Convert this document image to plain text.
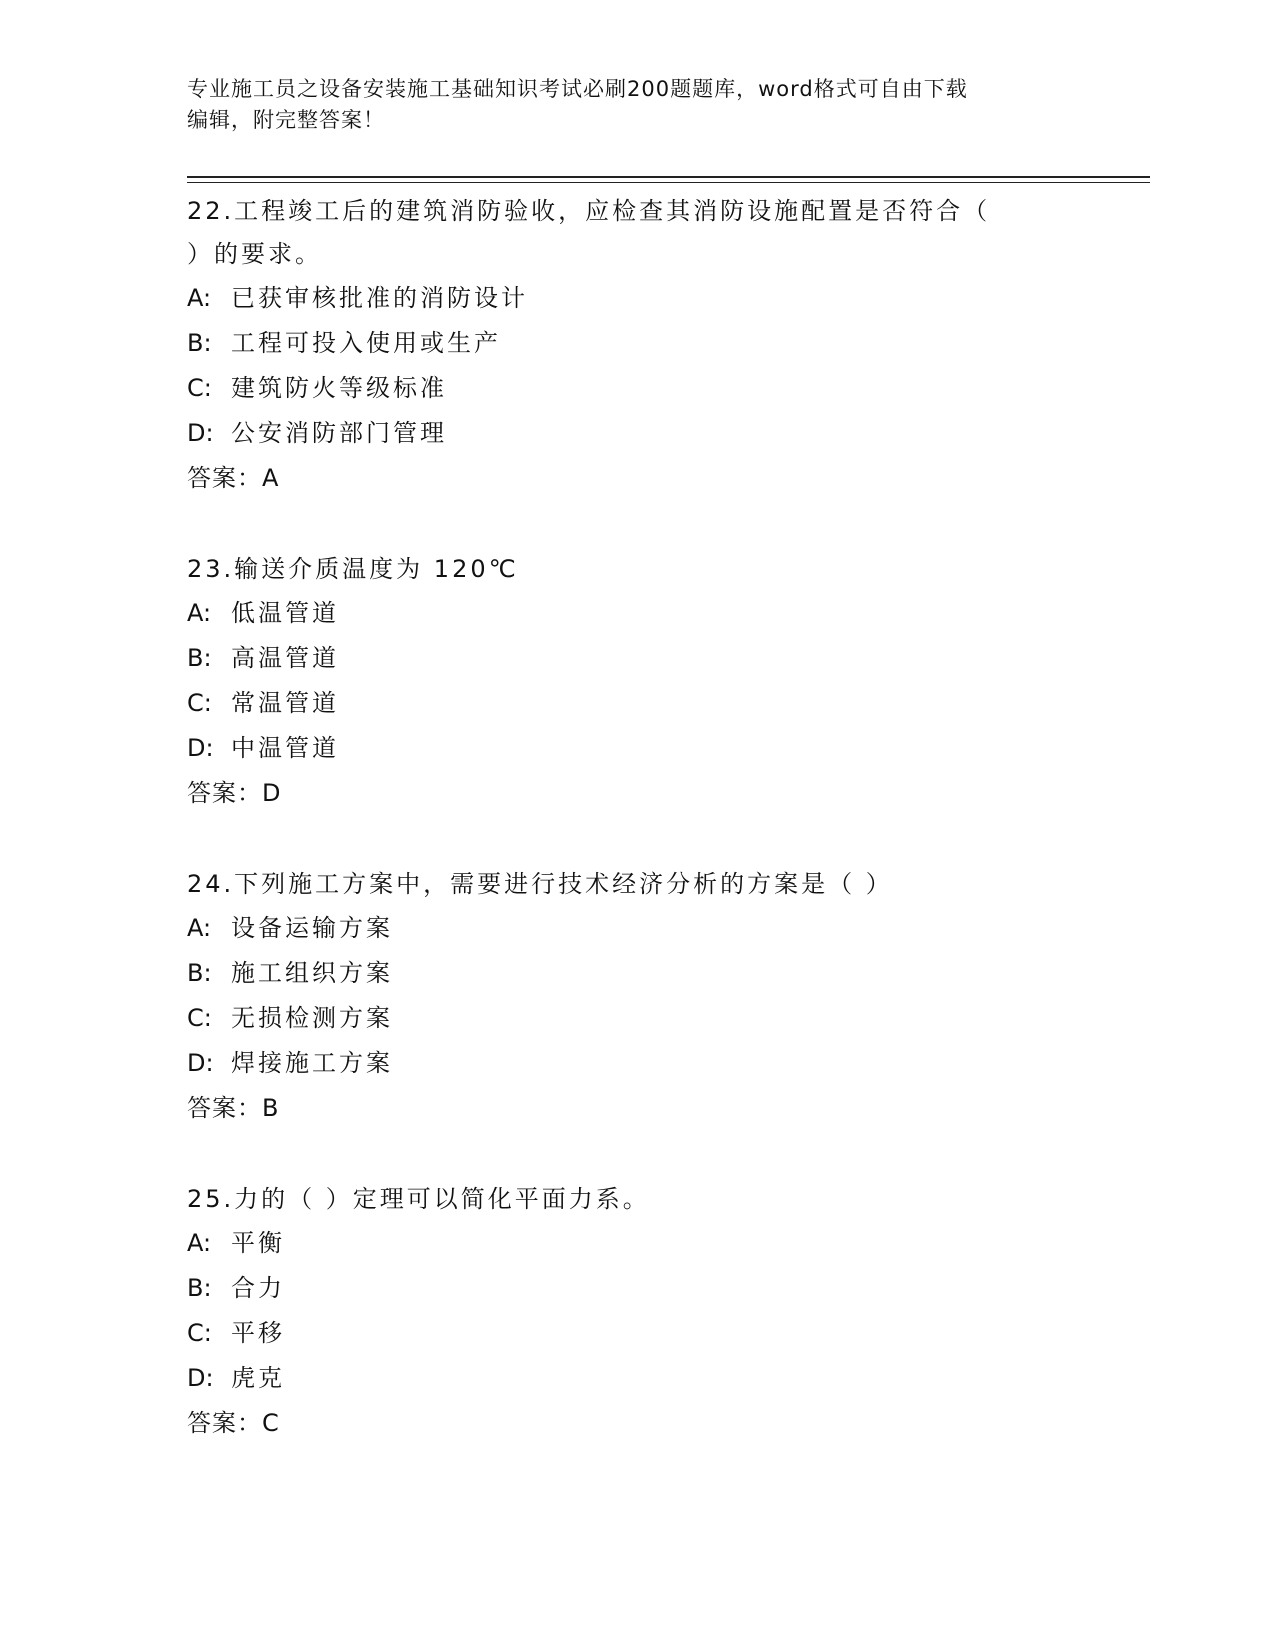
专业施工员之设备安装施工基础知识考试必刷200题题库，word格式可自由下载
编辑，附完整答案！

22.工程竣工后的建筑消防验收，应检查其消防设施配置是否符合（

）的要求。

A: 已获审核批准的消防设计

B: 工程可投入使用或生产

C: 建筑防火等级标准

D: 公安消防部门管理

答案：A

23.输送介质温度为 120℃

A: 低温管道

B: 高温管道

C: 常温管道

D: 中温管道

答案：D

24.下列施工方案中，需要进行技术经济分析的方案是（ ）

A: 设备运输方案

B: 施工组织方案

C: 无损检测方案

D: 焊接施工方案

答案：B

25.力的（ ）定理可以简化平面力系。

A: 平衡

B: 合力

C: 平移

D: 虎克

答案：C
